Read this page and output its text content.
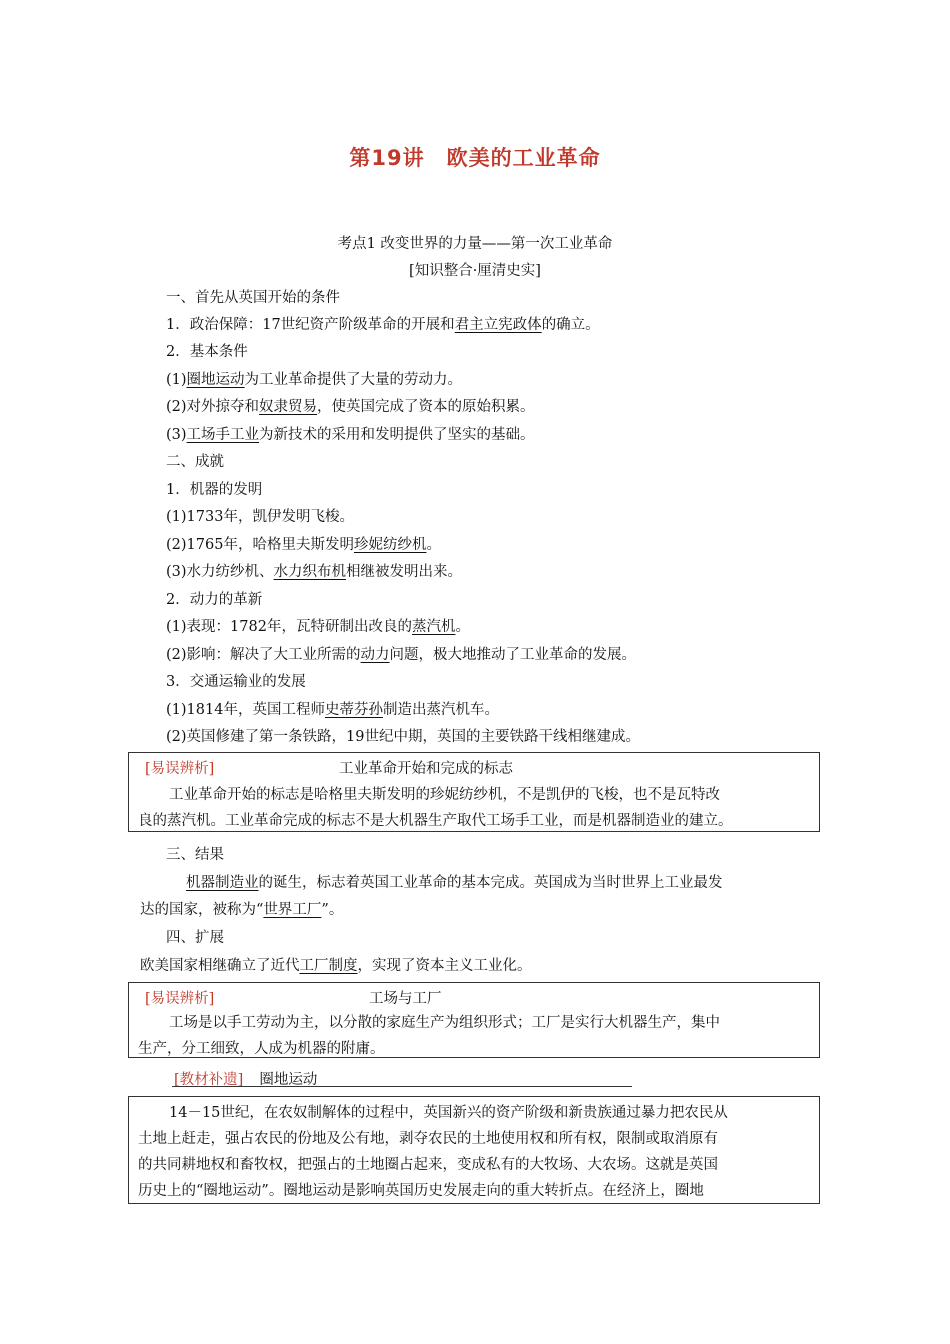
第19讲　欧美的工业革命
考点1 改变世界的力量——第一次工业革命
[知识整合·厘清史实]
一、首先从英国开始的条件
1．政治保障：17世纪资产阶级革命的开展和君主立宪政体的确立。
2．基本条件
(1)圈地运动为工业革命提供了大量的劳动力。
(2)对外掠夺和奴隶贸易，使英国完成了资本的原始积累。
(3)工场手工业为新技术的采用和发明提供了坚实的基础。
二、成就
1．机器的发明
(1)1733年，凯伊发明飞梭。
(2)1765年，哈格里夫斯发明珍妮纺纱机。
(3)水力纺纱机、水力织布机相继被发明出来。
2．动力的革新
(1)表现：1782年，瓦特研制出改良的蒸汽机。
(2)影响：解决了大工业所需的动力问题，极大地推动了工业革命的发展。
3．交通运输业的发展
(1)1814年，英国工程师史蒂芬孙制造出蒸汽机车。
(2)英国修建了第一条铁路，19世纪中期，英国的主要铁路干线相继建成。
[易误辨析]	工业革命开始和完成的标志
工业革命开始的标志是哈格里夫斯发明的珍妮纺纱机，不是凯伊的飞梭，也不是瓦特改
良的蒸汽机。工业革命完成的标志不是大机器生产取代工场手工业，而是机器制造业的建立。
三、结果
机器制造业的诞生，标志着英国工业革命的基本完成。英国成为当时世界上工业最发
达的国家，被称为“世界工厂”。
四、扩展
欧美国家相继确立了近代工厂制度，实现了资本主义工业化。
[易误辨析]	工场与工厂
工场是以手工劳动为主，以分散的家庭生产为组织形式；工厂是实行大机器生产，集中
生产，分工细致，人成为机器的附庸。
[教材补遗] 圈地运动
14－15世纪，在农奴制解体的过程中，英国新兴的资产阶级和新贵族通过暴力把农民从
土地上赶走，强占农民的份地及公有地，剥夺农民的土地使用权和所有权，限制或取消原有
的共同耕地权和畜牧权，把强占的土地圈占起来，变成私有的大牧场、大农场。这就是英国
历史上的“圈地运动”。圈地运动是影响英国历史发展走向的重大转折点。在经济上，圈地
